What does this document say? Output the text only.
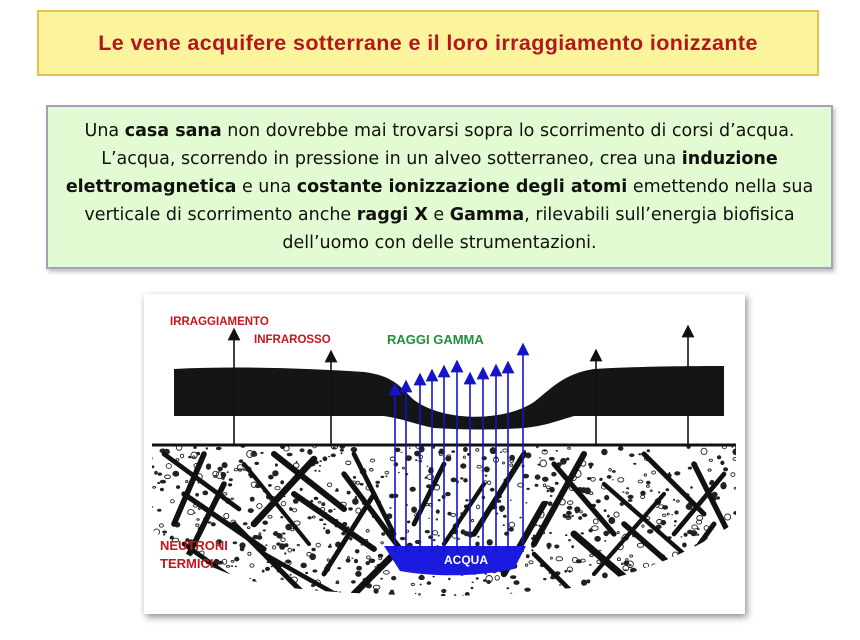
Le vene acquifere sotterrane e il loro irraggiamento ionizzante
Una casa sana non dovrebbe mai trovarsi sopra lo scorrimento di corsi d’acqua. L’acqua, scorrendo in pressione in un alveo sotterraneo, crea una induzione elettromagnetica e una costante ionizzazione degli atomi emettendo nella sua verticale di scorrimento anche raggi X e Gamma, rilevabili sull’energia biofisica dell’uomo con delle strumentazioni.
ACQUA
IRRAGGIAMENTO
INFRAROSSO	RAGGI GAMMA
NEUTRONI
TERMICI
